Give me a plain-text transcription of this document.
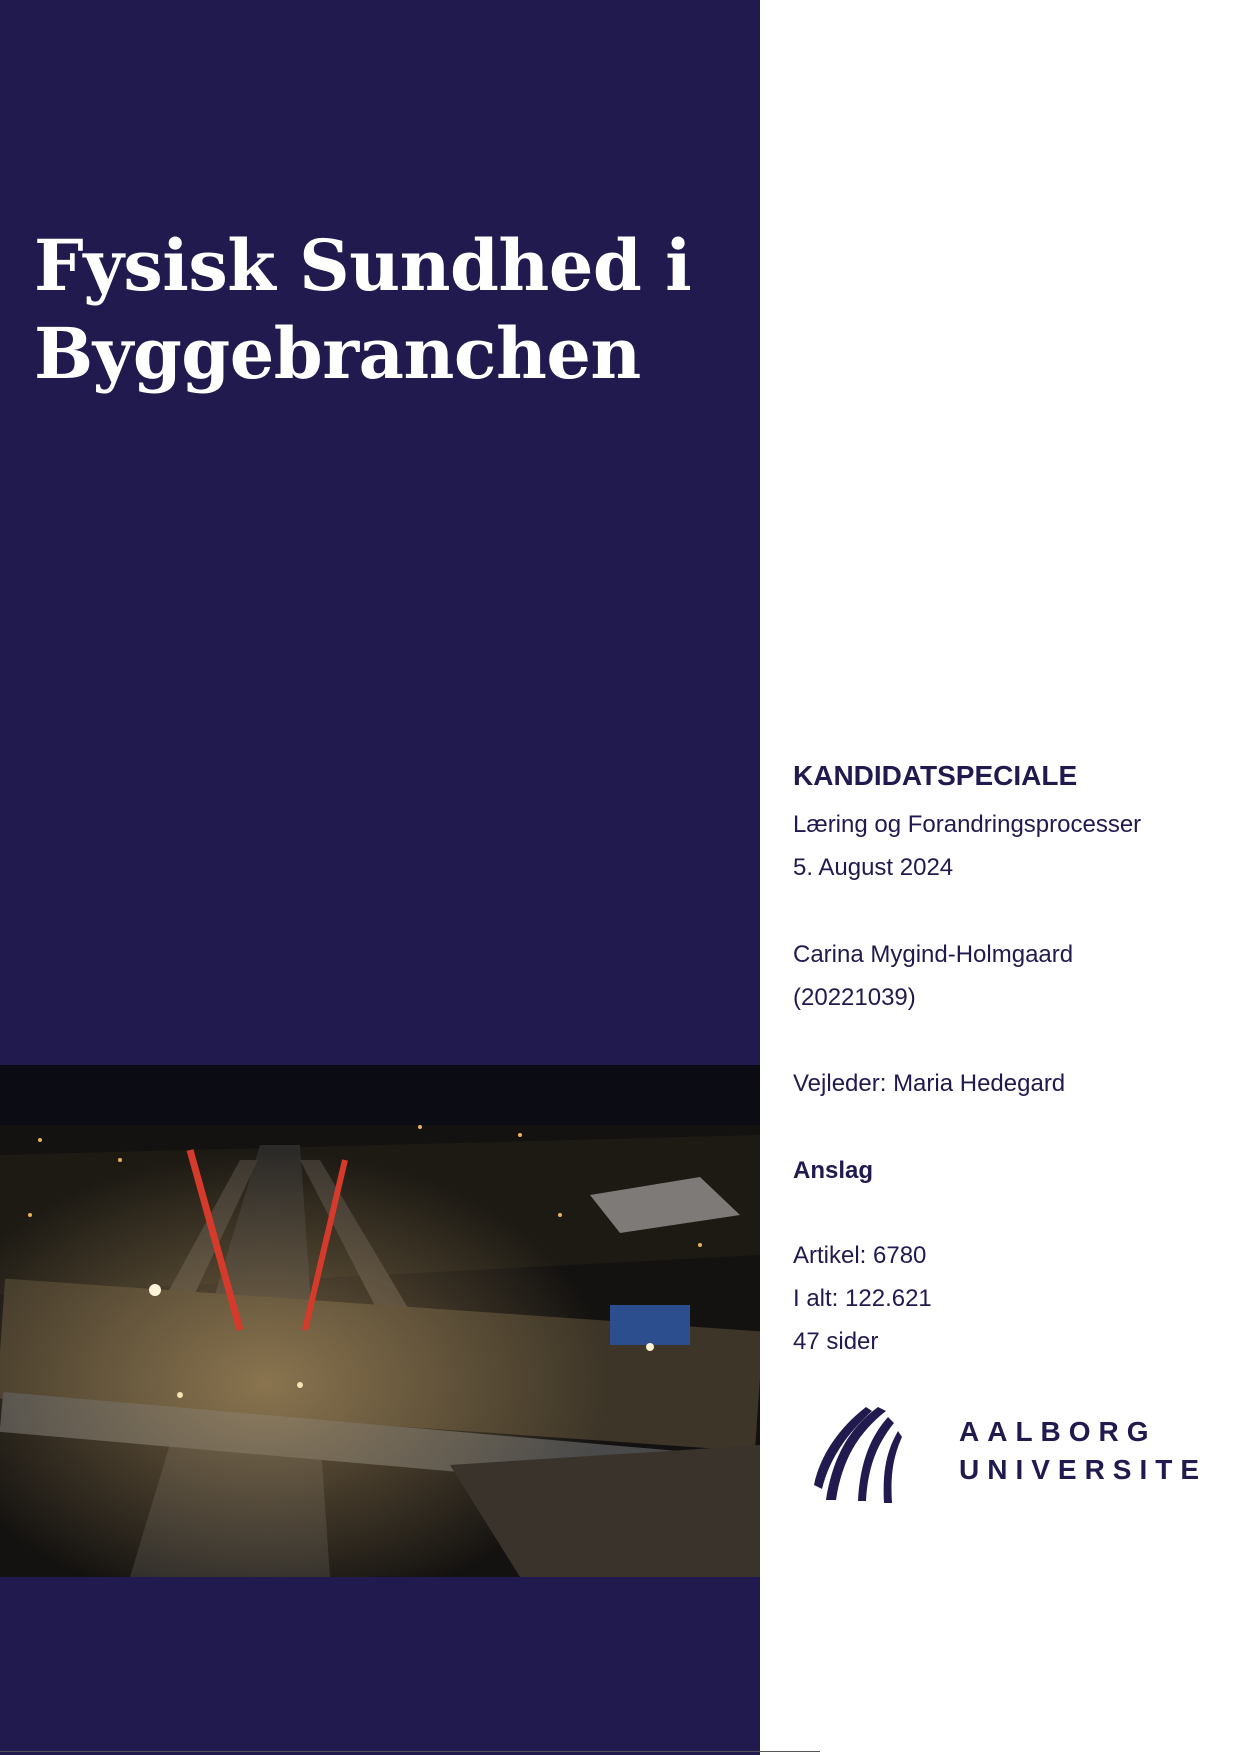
Fysisk Sundhed i
Byggebranchen
KANDIDATSPECIALE
Læring og Forandringsprocesser
5. August 2024
Carina Mygind-Holmgaard
(20221039)
Vejleder: Maria Hedegard
Anslag
Artikel: 6780
I alt: 122.621
47 sider
AALBORG
UNIVERSITE
